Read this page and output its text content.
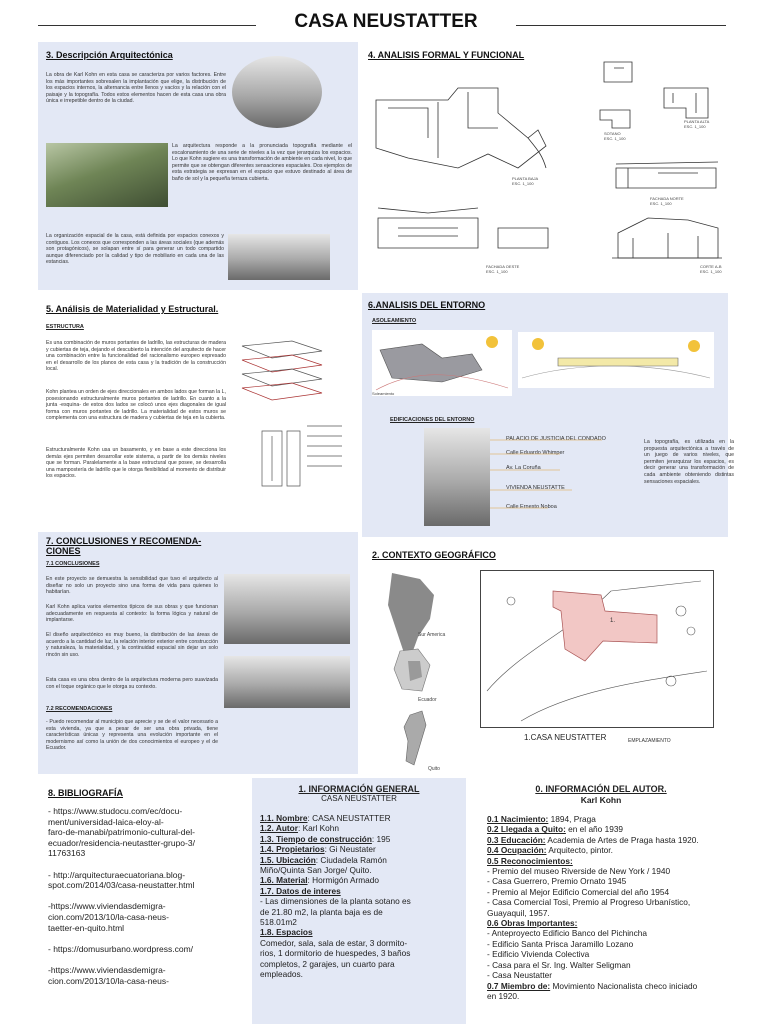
CASA NEUSTATTER
3. Descripción Arquitectónica
La obra de Karl Kohn en esta casa se caracteriza por varios factores. Entre los más importantes sobresalen la implantación que elige, la distribución de los espacios internos, la alternancia entre llenos y vacíos y la relación con el paisaje y la topografía. Todos estos elementos hacen de esta casa una obra única e irrepetible dentro de la ciudad.
La arquitectura responde a la pronunciada topografía mediante el escalonamiento de una serie de niveles a la vez que jerarquiza los espacios. Lo que Kohn sugiere es una transformación de ambiente en cada nivel, lo que permite que se obtengan diferentes sensaciones espaciales. Dos ejemplos de esta estrategia se expresan en el espacio que estuvo destinado al área de baño de sol y la pequeña terraza cubierta.
La organización espacial de la casa, está definida por espacios conexos y contiguos. Los conexos que corresponden a las áreas sociales (que además son protagónicos), se solapan entre sí para generar un todo compartido aunque diferenciado por la calidad y tipo de mobiliario en cada una de las estancias.
4. ANALISIS FORMAL Y FUNCIONAL
SOTANO
ESC. 1_100
PLANTA ALTA
ESC. 1_100
PLANTA BAJA
ESC. 1_100
FACHADA NORTE
ESC. 1_100
FACHADA OESTE
ESC. 1_100
CORTE A-B
ESC. 1_100
5. Análisis de Materialidad y Estructural.
ESTRUCTURA
Es una combinación de muros portantes de ladrillo, las estructuras de madera y cubiertas de teja, dejando el descubierto la intención del arquitecto de hacer una combinación entre la funcionalidad del racionalismo europeo expresado en el desarrollo de los planos de esta casa y la tradición de la construcción local.
Kohn plantea un orden de ejes direccionales en ambos lados que forman la L, posesionando estructuralmente muros portantes de ladrillo. En cuanto a la junta -esquina- de estos dos lados se colocó unos ejes diagonales de igual forma con muros portantes de ladrillo. La materialidad de estos muros se complementa con una estructura de madera y cubiertas de teja en la cubierta.
Estructuralmente Kohn usa un basamento, y en base a este direcciona los demás ejes permiten desarrollar este sistema, a partir de los demás niveles que se forman. Paralelamente a la base estructural que posee, se desarrolla una mampostería de ladrillo que le otorga flexibilidad al momento de distribuir los espacios.
6.ANALISIS DEL ENTORNO
ASOLEAMIENTO
Soleamiento
EDIFICACIONES DEL ENTORNO
PALACIO DE JUSTICIA DEL CONDADO
Calle Eduardo Whimper
Av. La Coruña
VIVIENDA NEUSTATTE
Calle Ernesto Noboa
La topografía, es utilizada en la propuesta arquitectónica a través de un juego de varios niveles, que permiten jerarquizar los espacios, es decir generar una transformación de cada ambiente obteniendo distintas sensaciones espaciales.
7. CONCLUSIONES Y RECOMENDA-
CIONES
7.1 CONCLUSIONES
En este proyecto se demuestra la sensibilidad que tuvo el arquitecto al diseñar no solo un proyecto sino una forma de vida para quienes lo habitarían.
Karl Kohn aplica varios elementos típicos de sus obras y que funcionan adecuadamente en respuesta al contexto: la forma lógica y natural de implantarse.
El diseño arquitectónico es muy bueno, la distribución de las áreas de acuerdo a la cantidad de luz, la relación interior exterior entre construcción y naturaleza, la materialidad, y la continuidad espacial sin dejar un solo rincón sin uso.
Esta casa es una obra dentro de la arquitectura moderna pero suavizada con el toque orgánico que le otorga su contexto.
7.2 RECOMENDACIONES
- Puedo recomendar al municipio que aprecie y se de el valor necesario a esta vivienda, ya que a pesar de ser una obra privada, tiene características únicas y representa una evolución importante en el modernismo así como la unión de dos conocimientos el europeo y el de Ecuador.
2. CONTEXTO GEOGRÁFICO
Sur America
Ecuador
Quito
1.
1.CASA NEUSTATTER	EMPLAZAMIENTO
8. BIBLIOGRAFÍA
- https://www.studocu.com/ec/docu-
ment/universidad-laica-eloy-al-
faro-de-manabi/patrimonio-cultural-del-
ecuador/residencia-neutastter-grupo-3/
11763163
- http://arquitecturaecuatoriana.blog-
spot.com/2014/03/casa-neustatter.html
-https://www.viviendasdemigra-
cion.com/2013/10/la-casa-neus-
taetter-en-quito.html
- https://domusurbano.wordpress.com/
-https://www.viviendasdemigra-
cion.com/2013/10/la-casa-neus-
1. INFORMACIÓN GENERAL
CASA NEUSTATTER
1.1. Nombre: CASA NEUSTATTER
1.2. Autor: Karl Kohn
1.3. Tiempo de construcción: 195
1.4. Propietarios: Gi Neustater
1.5. Ubicación: Ciudadela Ramón
Miño/Quinta San Jorge/ Quito.
1.6. Material: Hormigón Armado
1.7. Datos de interes
- Las dimensiones de la planta sotano es
de 21.80 m2, la planta baja es de
518.01m2
1.8. Espacios
Comedor, sala, sala de estar, 3 dormito-
rios, 1 dormitorio de huespedes, 3 baños
completos, 2 garajes, un cuarto para
empleados.
0. INFORMACIÓN DEL AUTOR.
Karl Kohn
0.1 Nacimiento: 1894, Praga
0.2 Llegada a Quito: en el año 1939
0.3 Educación: Academia de Artes de Praga hasta 1920.
0.4 Ocupación: Arquitecto, pintor.
0.5 Reconocimientos:
- Premio del museo Riverside de New York / 1940
- Casa Guerrero, Premio Ornato 1945
- Premio al Mejor Edificio Comercial del año 1954
- Casa Comercial Tosi, Premio al Progreso Urbanístico,
Guayaquil, 1957.
0.6 Obras Importantes:
- Anteproyecto Edificio Banco del Pichincha
- Edificio Santa Prisca Jaramillo Lozano
- Edificio Vivienda Colectiva
- Casa para el Sr. Ing. Walter Seligman
- Casa Neustatter
0.7 Miembro de: Movimiento Nacionalista checo iniciado
en 1920.
